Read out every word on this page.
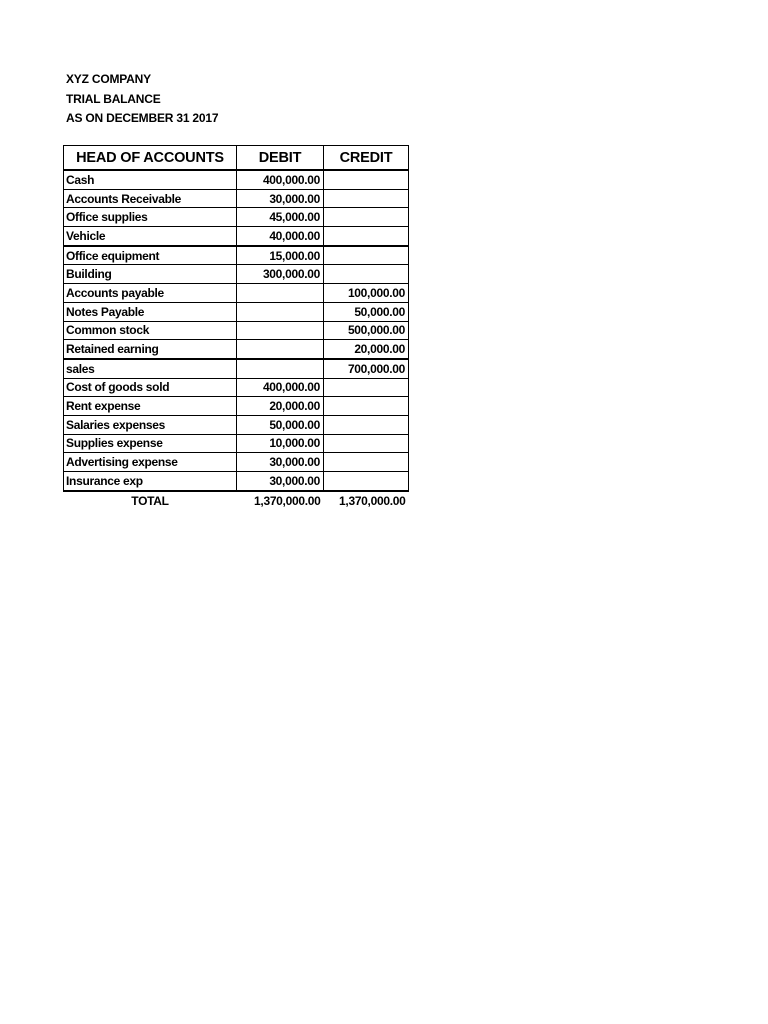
XYZ COMPANY
TRIAL BALANCE
AS ON DECEMBER 31 2017
HEAD OF ACCOUNTS	DEBIT	CREDIT
Cash	400,000.00	
Accounts Receivable	30,000.00	
Office supplies	45,000.00	
Vehicle	40,000.00	
Office equipment	15,000.00	
Building	300,000.00	
Accounts payable		100,000.00
Notes Payable		50,000.00
Common stock		500,000.00
Retained earning		20,000.00
sales		700,000.00
Cost of goods sold	400,000.00	
Rent expense	20,000.00	
Salaries expenses	50,000.00	
Supplies expense	10,000.00	
Advertising expense	30,000.00	
Insurance exp	30,000.00	
TOTAL	1,370,000.00	1,370,000.00
